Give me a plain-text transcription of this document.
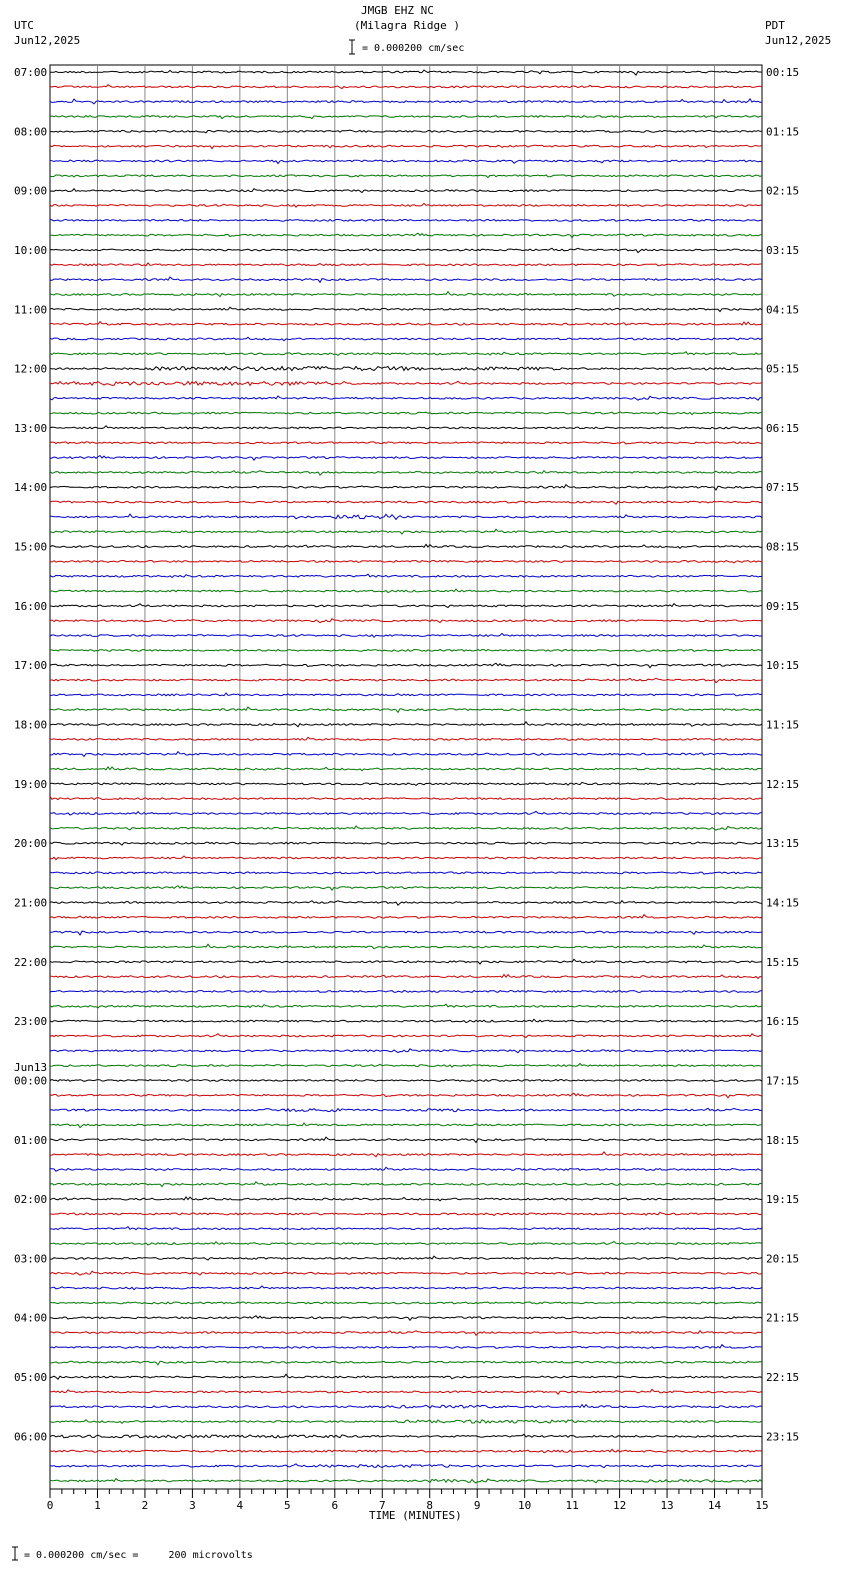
07:00
08:00
09:00
10:00
11:00
12:00
13:00
14:00
15:00
16:00
17:00
18:00
19:00
20:00
21:00
22:00
23:00
00:00
01:00
02:00
03:00
04:00
05:00
06:00
00:15
01:15
02:15
03:15
04:15
05:15
06:15
07:15
08:15
09:15
10:15
11:15
12:15
13:15
14:15
15:15
16:15
17:15
18:15
19:15
20:15
21:15
22:15
23:15
0	1	2	3	4	5	6	7	8	9	10	11	12	13	14	15
JMGB EHZ NC
(Milagra Ridge )
= 0.000200 cm/sec
UTC
Jun12,2025
PDT
Jun12,2025
Jun13
TIME (MINUTES)
= 0.000200 cm/sec =     200 microvolts
